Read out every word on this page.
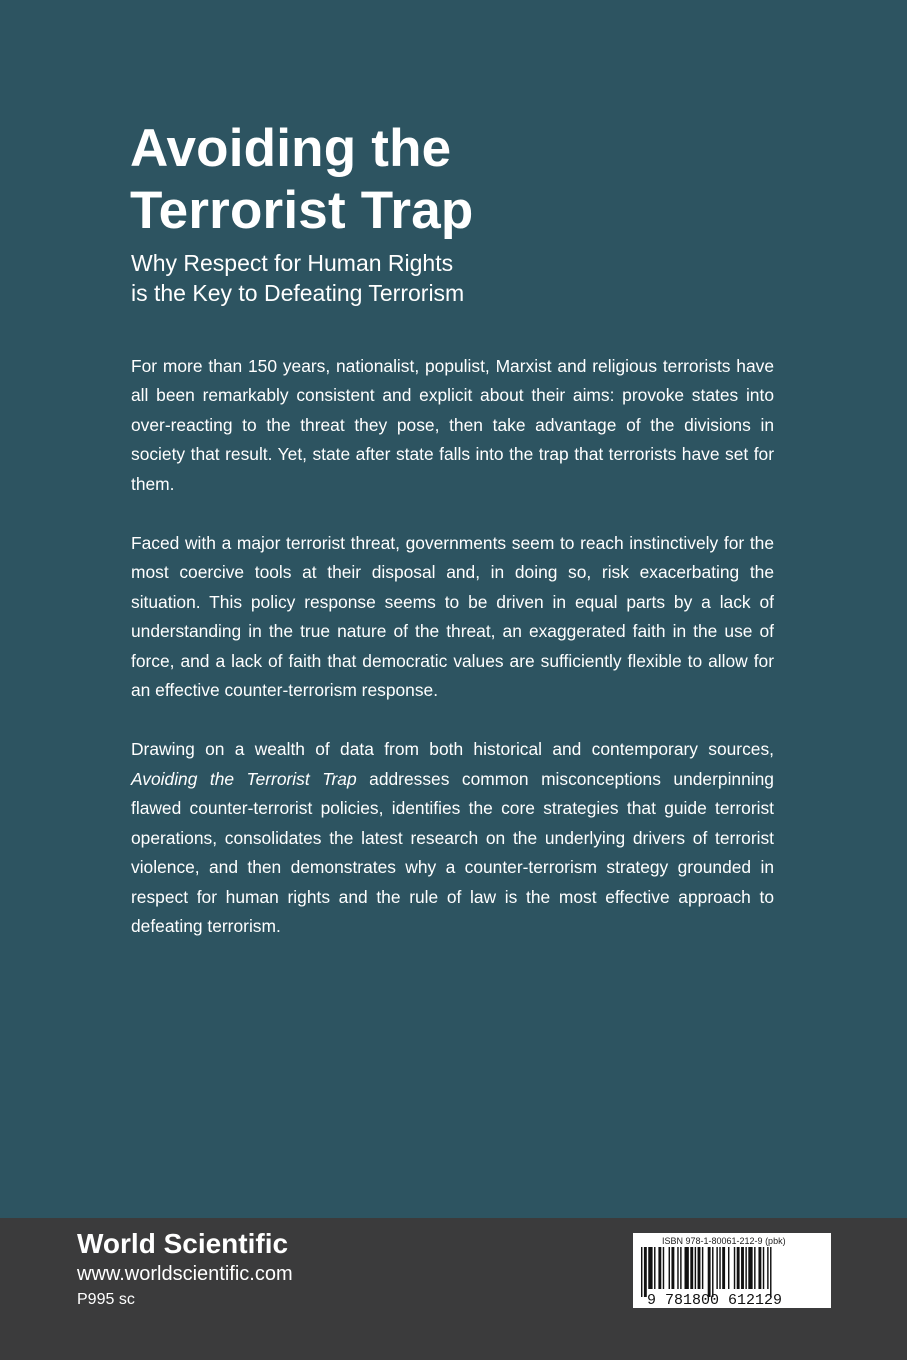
Avoiding the
Terrorist Trap
Why Respect for Human Rights
is the Key to Defeating Terrorism

For more than 150 years, nationalist, populist, Marxist and religious terrorists have all been remarkably consistent and explicit about their aims: provoke states into over-reacting to the threat they pose, then take advantage of the divisions in society that result. Yet, state after state falls into the trap that terrorists have set for them.

Faced with a major terrorist threat, governments seem to reach instinctively for the most coercive tools at their disposal and, in doing so, risk exacerbating the situation. This policy response seems to be driven in equal parts by a lack of understanding in the true nature of the threat, an exaggerated faith in the use of force, and a lack of faith that democratic values are sufficiently flexible to allow for an effective counter-terrorism response.

Drawing on a wealth of data from both historical and contemporary sources, Avoiding the Terrorist Trap addresses common misconceptions underpinning flawed counter-terrorist policies, identifies the core strategies that guide terrorist operations, consolidates the latest research on the underlying drivers of terrorist violence, and then demonstrates why a counter-terrorism strategy grounded in respect for human rights and the rule of law is the most effective approach to defeating terrorism.

World Scientific
www.worldscientific.com
P995 sc
ISBN 978-1-80061-212-9 (pbk)
9 781800 612129
